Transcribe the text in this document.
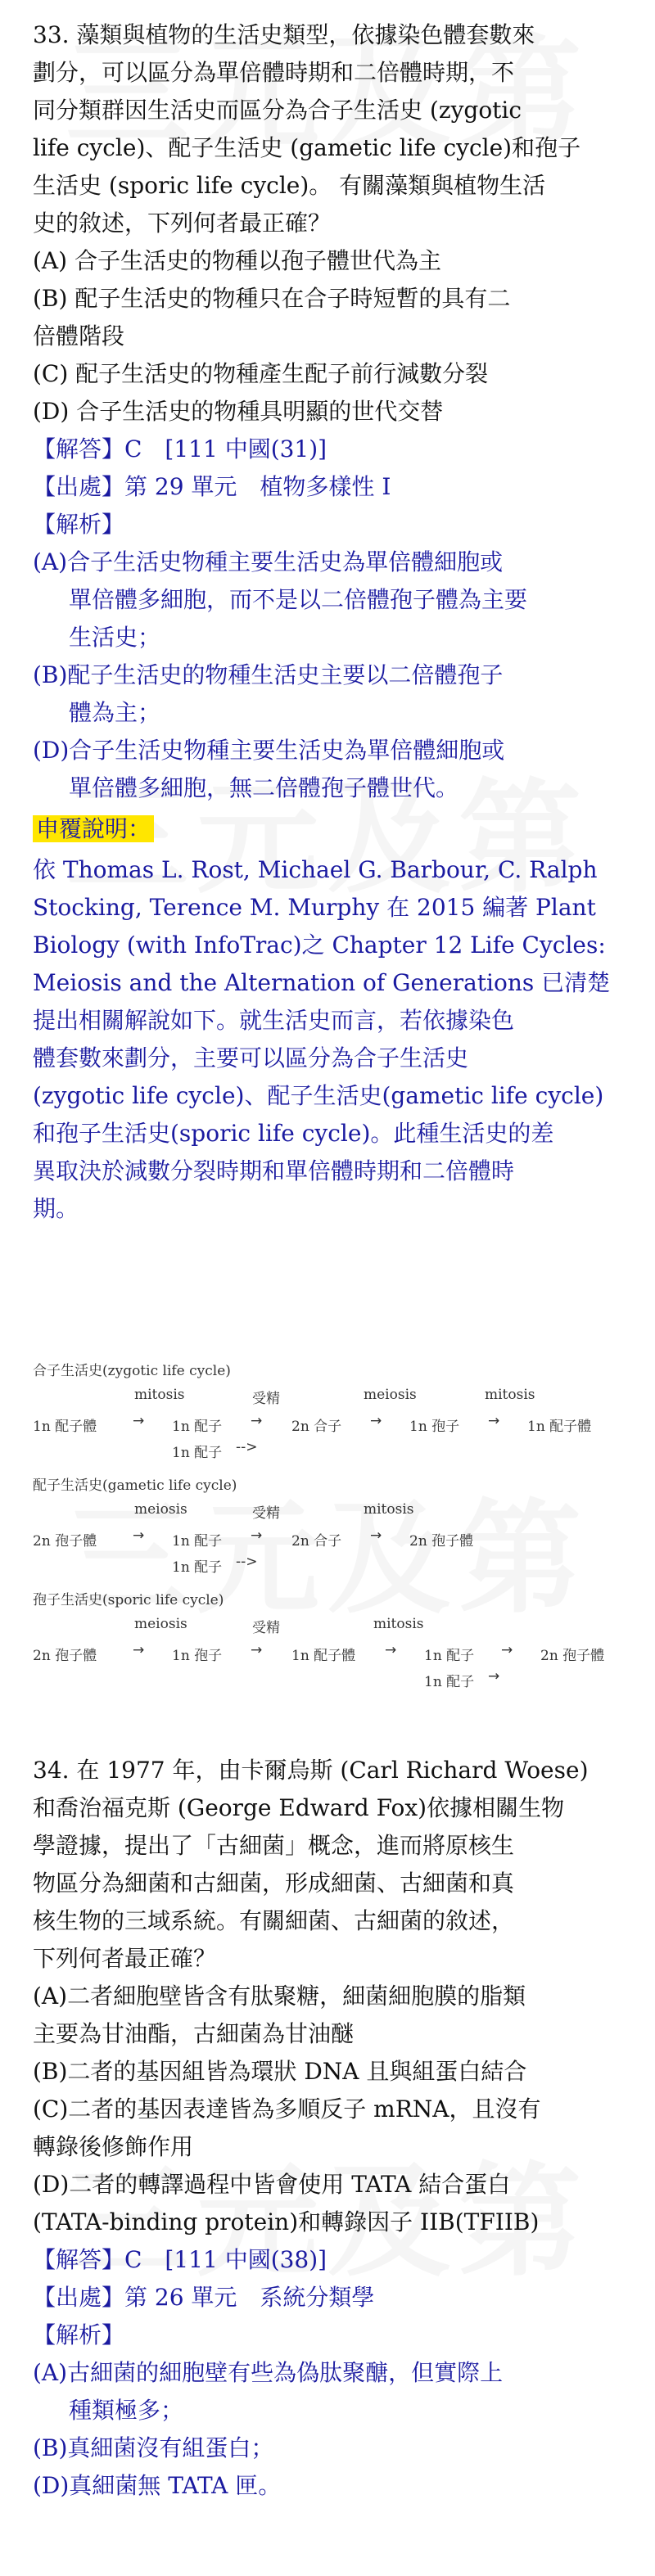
33. 藻類與植物的生活史類型，依據染色體套數來
劃分，可以區分為單倍體時期和二倍體時期，不
同分類群因生活史而區分為合子生活史 (zygotic
life cycle)、配子生活史 (gametic life cycle)和孢子
生活史 (sporic life cycle)。 有關藻類與植物生活
史的敘述，下列何者最正確？
(A) 合子生活史的物種以孢子體世代為主
(B) 配子生活史的物種只在合子時短暫的具有二
倍體階段
(C) 配子生活史的物種產生配子前行減數分裂
(D) 合子生活史的物種具明顯的世代交替
【解答】C　[111 中國(31)]
【出處】第 29 單元　植物多樣性 I
【解析】
(A)合子生活史物種主要生活史為單倍體細胞或
單倍體多細胞，而不是以二倍體孢子體為主要
生活史；
(B)配子生活史的物種生活史主要以二倍體孢子
體為主；
(D)合子生活史物種主要生活史為單倍體細胞或
單倍體多細胞，無二倍體孢子體世代。
申覆說明：
依 Thomas L. Rost, Michael G. Barbour, C. Ralph
Stocking, Terence M. Murphy 在 2015 編著 Plant
Biology (with InfoTrac)之 Chapter 12 Life Cycles:
Meiosis and the Alternation of Generations 已清楚
提出相關解說如下。就生活史而言，若依據染色
體套數來劃分，主要可以區分為合子生活史
(zygotic life cycle)、配子生活史(gametic life cycle)
和孢子生活史(sporic life cycle)。此種生活史的差
異取決於減數分裂時期和單倍體時期和二倍體時
期。
合子生活史(zygotic life cycle)
mitosis	受精	meiosis	mitosis
1n 配子體	→ 1n 配子 → 2n 合子 → 1n 孢子 → 1n 配子體
1n 配子 -->
配子生活史(gametic life cycle)
meiosis	受精	mitosis
2n 孢子體	→ 1n 配子 → 2n 合子 → 2n 孢子體
1n 配子 -->
孢子生活史(sporic life cycle)
meiosis	受精	mitosis
2n 孢子體	→ 1n 孢子 → 1n 配子體 → 1n 配子 → 2n 孢子體
1n 配子 →
34. 在 1977 年，由卡爾烏斯 (Carl Richard Woese)
和喬治福克斯 (George Edward Fox)依據相關生物
學證據，提出了「古細菌」概念，進而將原核生
物區分為細菌和古細菌，形成細菌、古細菌和真
核生物的三域系統。有關細菌、古細菌的敘述，
下列何者最正確？
(A)二者細胞壁皆含有肽聚糖，細菌細胞膜的脂類
主要為甘油酯，古細菌為甘油醚
(B)二者的基因組皆為環狀 DNA 且與組蛋白結合
(C)二者的基因表達皆為多順反子 mRNA，且沒有
轉錄後修飾作用
(D)二者的轉譯過程中皆會使用 TATA 結合蛋白
(TATA-binding protein)和轉錄因子 IIB(TFIIB)
【解答】C　[111 中國(38)]
【出處】第 26 單元　系統分類學
【解析】
(A)古細菌的細胞壁有些為偽肽聚醣，但實際上
種類極多；
(B)真細菌沒有組蛋白；
(D)真細菌無 TATA 匣。
